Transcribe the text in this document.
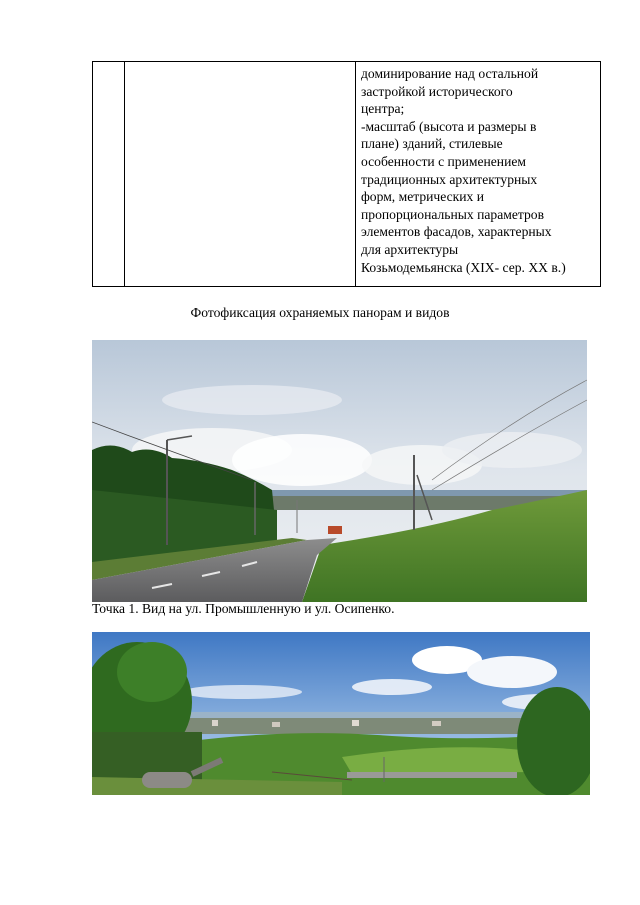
доминирование над остальной
застройкой исторического
центра;
-масштаб (высота и размеры в
плане) зданий, стилевые
особенности с применением
традиционных архитектурных
форм, метрических и
пропорциональных параметров
элементов фасадов, характерных
для архитектуры
Козьмодемьянска (XIX- сер. XX в.)
Фотофиксация охраняемых панорам и видов
Точка 1. Вид на ул. Промышленную и ул. Осипенко.
